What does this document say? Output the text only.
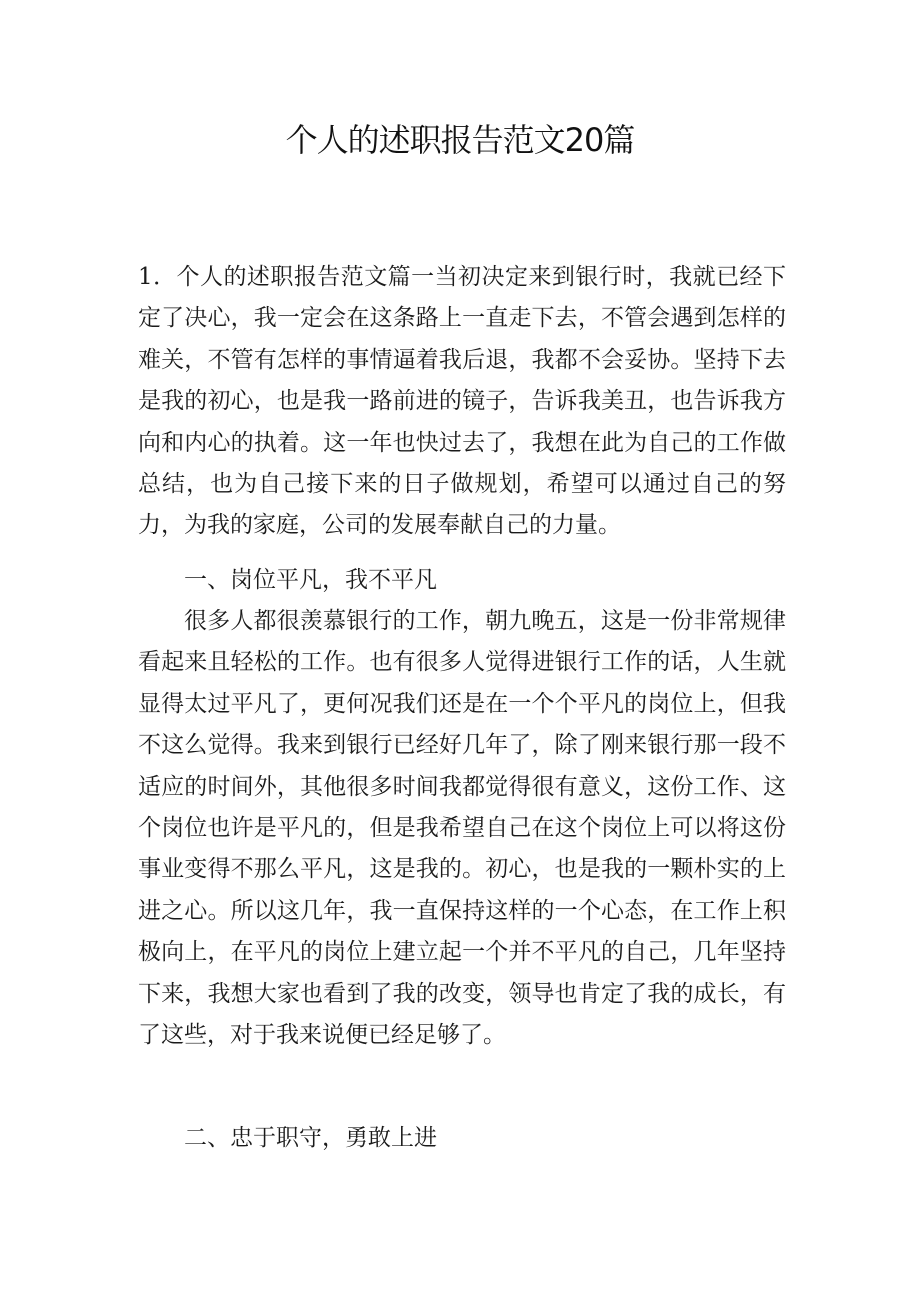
个人的述职报告范文20篇

1．个人的述职报告范文篇一当初决定来到银行时，我就已经下定了决心，我一定会在这条路上一直走下去，不管会遇到怎样的难关，不管有怎样的事情逼着我后退，我都不会妥协。坚持下去是我的初心，也是我一路前进的镜子，告诉我美丑，也告诉我方向和内心的执着。这一年也快过去了，我想在此为自己的工作做总结，也为自己接下来的日子做规划，希望可以通过自己的努力，为我的家庭，公司的发展奉献自己的力量。

一、岗位平凡，我不平凡

很多人都很羡慕银行的工作，朝九晚五，这是一份非常规律看起来且轻松的工作。也有很多人觉得进银行工作的话，人生就显得太过平凡了，更何况我们还是在一个个平凡的岗位上，但我不这么觉得。我来到银行已经好几年了，除了刚来银行那一段不适应的时间外，其他很多时间我都觉得很有意义，这份工作、这个岗位也许是平凡的，但是我希望自己在这个岗位上可以将这份事业变得不那么平凡，这是我的。初心，也是我的一颗朴实的上进之心。所以这几年，我一直保持这样的一个心态，在工作上积极向上，在平凡的岗位上建立起一个并不平凡的自己，几年坚持下来，我想大家也看到了我的改变，领导也肯定了我的成长，有了这些，对于我来说便已经足够了。

二、忠于职守，勇敢上进
